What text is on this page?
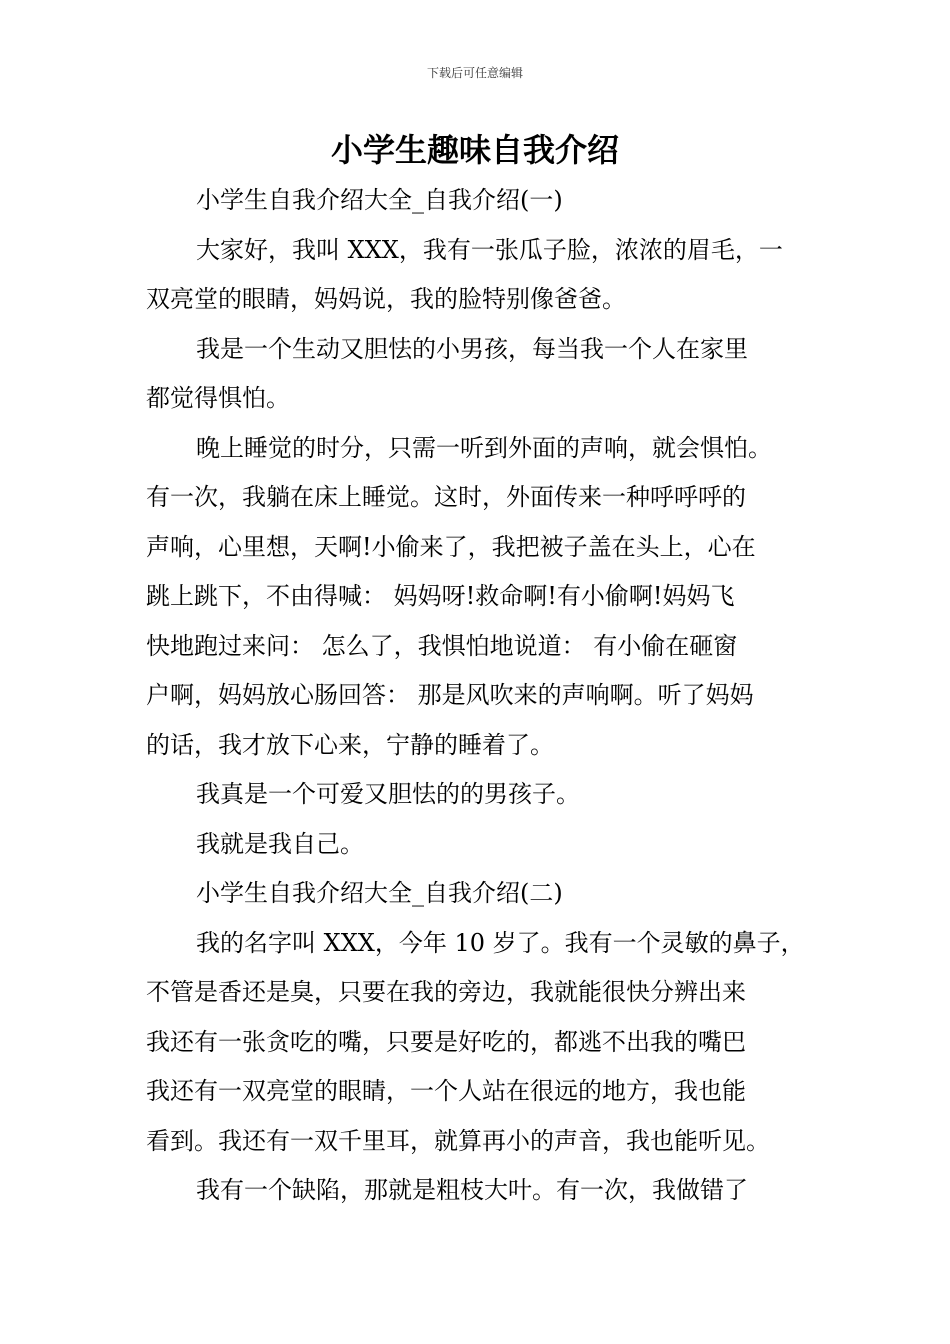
下载后可任意编辑
小学生趣味自我介绍

小学生自我介绍大全_自我介绍(一)

大家好，我叫 XXX，我有一张瓜子脸，浓浓的眉毛，一

双亮堂的眼睛，妈妈说，我的脸特别像爸爸。

我是一个生动又胆怯的小男孩，每当我一个人在家里

都觉得惧怕。

晚上睡觉的时分，只需一听到外面的声响，就会惧怕。

有一次，我躺在床上睡觉。这时，外面传来一种呼呼呼的

声响，心里想，天啊!小偷来了，我把被子盖在头上，心在

跳上跳下，不由得喊： 妈妈呀!救命啊!有小偷啊!妈妈飞

快地跑过来问： 怎么了，我惧怕地说道： 有小偷在砸窗

户啊，妈妈放心肠回答： 那是风吹来的声响啊。听了妈妈

的话，我才放下心来，宁静的睡着了。

我真是一个可爱又胆怯的的男孩子。

我就是我自己。

小学生自我介绍大全_自我介绍(二)

我的名字叫 XXX，今年 10 岁了。我有一个灵敏的鼻子，

不管是香还是臭，只要在我的旁边，我就能很快分辨出来

我还有一张贪吃的嘴，只要是好吃的，都逃不出我的嘴巴

我还有一双亮堂的眼睛，一个人站在很远的地方，我也能

看到。我还有一双千里耳，就算再小的声音，我也能听见。

我有一个缺陷，那就是粗枝大叶。有一次，我做错了
